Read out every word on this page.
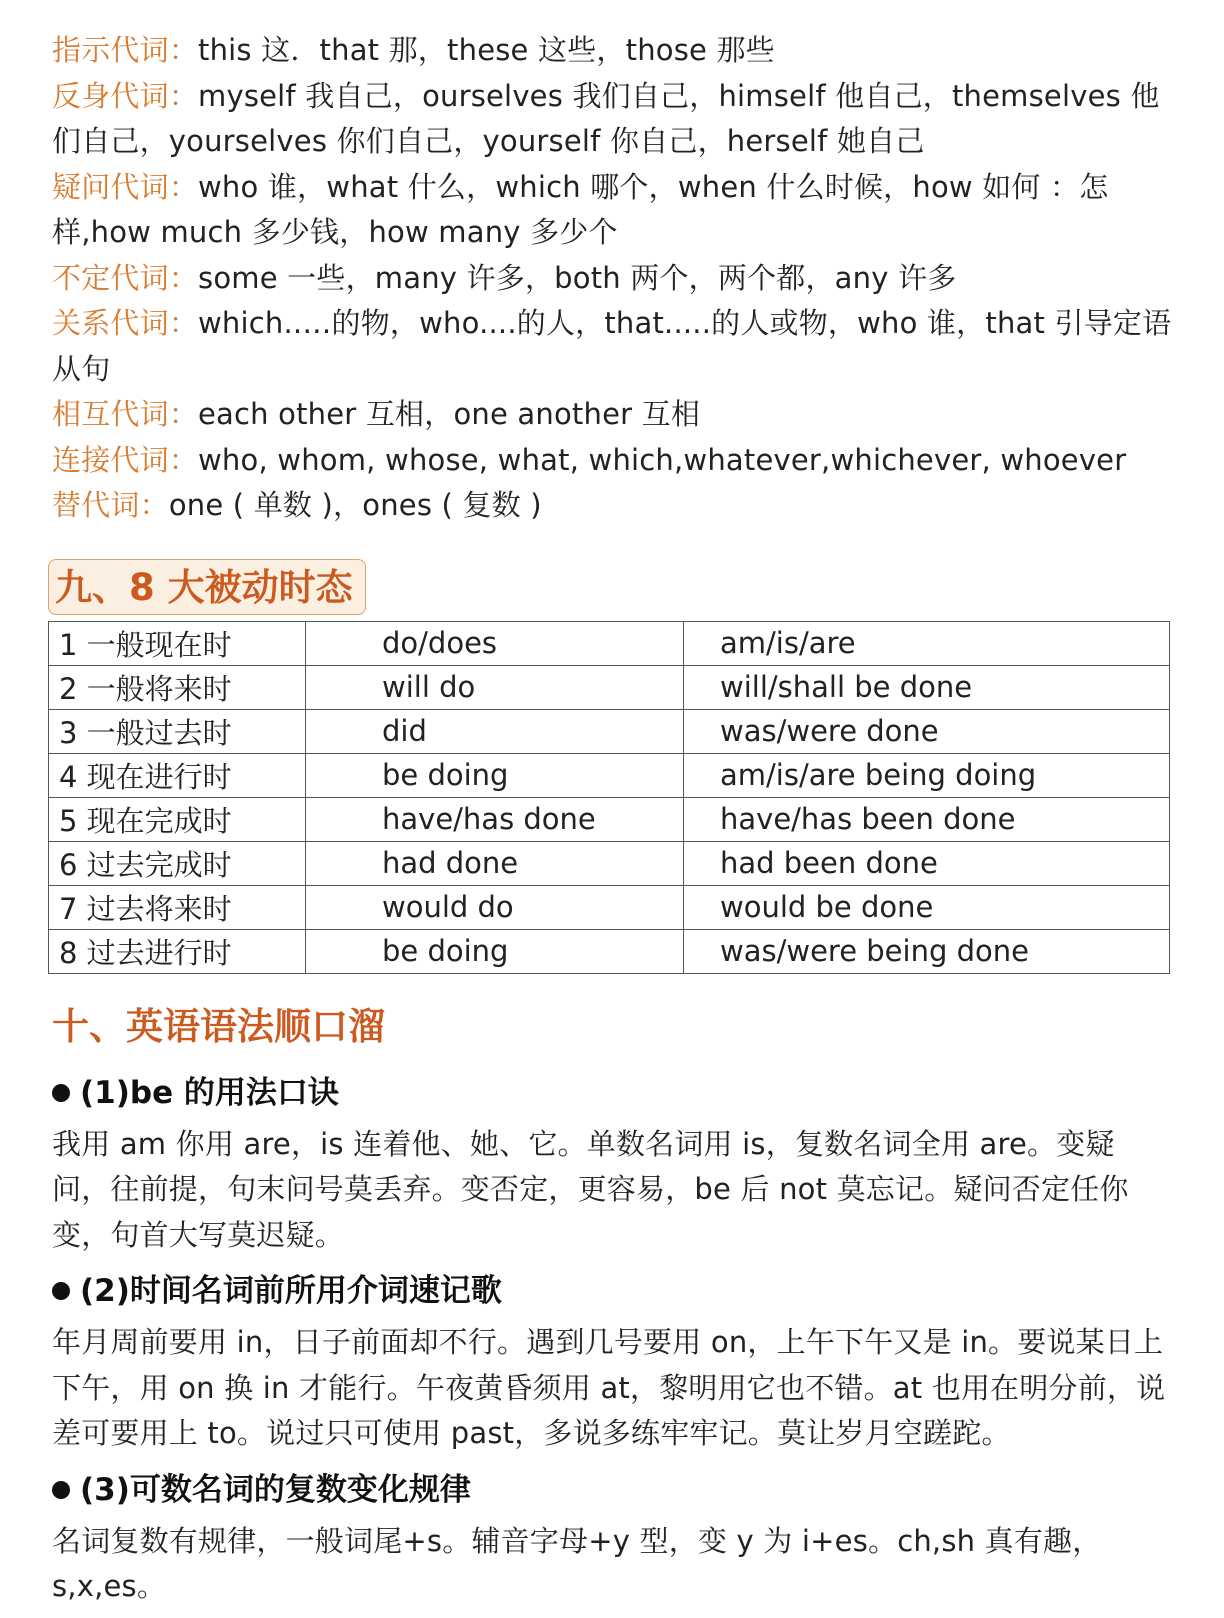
指示代词：this 这．that 那，these 这些，those 那些

反身代词：myself 我自己，ourselves 我们自己，himself 他自己，themselves 他们自己，yourselves 你们自己，yourself 你自己，herself 她自己

疑问代词：who 谁，what 什么，which 哪个，when 什么时候，how 如何 ：怎样,how much 多少钱，how many 多少个

不定代词：some 一些，many 许多，both 两个，两个都，any 许多

关系代词：which..…的物，who....的人，that.....的人或物，who 谁，that 引导定语从句

相互代词：each other 互相，one another 互相

连接代词：who, whom, whose, what, which,whatever,whichever, whoever

替代词：one ( 单数 )，ones ( 复数 )

九、8 大被动时态
1 一般现在时	do/does	am/is/are
2 一般将来时	will do	will/shall be done
3 一般过去时	did	was/were done
4 现在进行时	be doing	am/is/are being doing
5 现在完成时	have/has done	have/has been done
6 过去完成时	had done	had been done
7 过去将来时	would do	would be done
8 过去进行时	be doing	was/were being done
十、英语语法顺口溜
(1)be 的用法口诀

我用 am 你用 are，is 连着他、她、它。单数名词用 is，复数名词全用 are。变疑问，往前提，句末问号莫丢弃。变否定，更容易，be 后 not 莫忘记。疑问否定任你变，句首大写莫迟疑。

(2)时间名词前所用介词速记歌

年月周前要用 in，日子前面却不行。遇到几号要用 on，上午下午又是 in。要说某日上下午，用 on 换 in 才能行。午夜黄昏须用 at，黎明用它也不错。at 也用在明分前，说差可要用上 to。说过只可使用 past，多说多练牢牢记。莫让岁月空蹉跎。

(3)可数名词的复数变化规律

名词复数有规律，一般词尾+s。辅音字母+y 型，变 y 为 i+es。ch,sh 真有趣，s,x,es。
